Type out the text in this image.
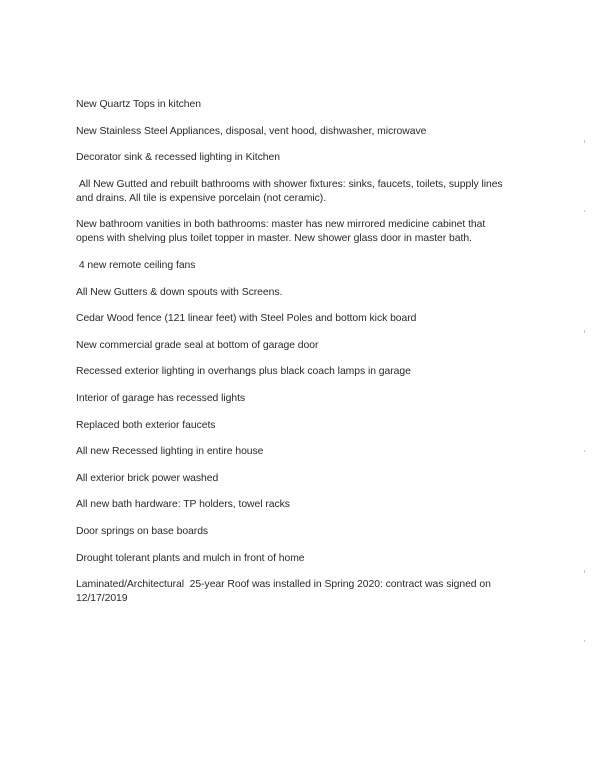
New Quartz Tops in kitchen

New Stainless Steel Appliances, disposal, vent hood, dishwasher, microwave

Decorator sink & recessed lighting in Kitchen

All New Gutted and rebuilt bathrooms with shower fixtures: sinks, faucets, toilets, supply lines and drains. All tile is expensive porcelain (not ceramic).

New bathroom vanities in both bathrooms: master has new mirrored medicine cabinet that opens with shelving plus toilet topper in master. New shower glass door in master bath.

4 new remote ceiling fans

All New Gutters & down spouts with Screens.

Cedar Wood fence (121 linear feet) with Steel Poles and bottom kick board

New commercial grade seal at bottom of garage door

Recessed exterior lighting in overhangs plus black coach lamps in garage

Interior of garage has recessed lights

Replaced both exterior faucets

All new Recessed lighting in entire house

All exterior brick power washed

All new bath hardware: TP holders, towel racks

Door springs on base boards

Drought tolerant plants and mulch in front of home

Laminated/Architectural  25-year Roof was installed in Spring 2020: contract was signed on 12/17/2019
